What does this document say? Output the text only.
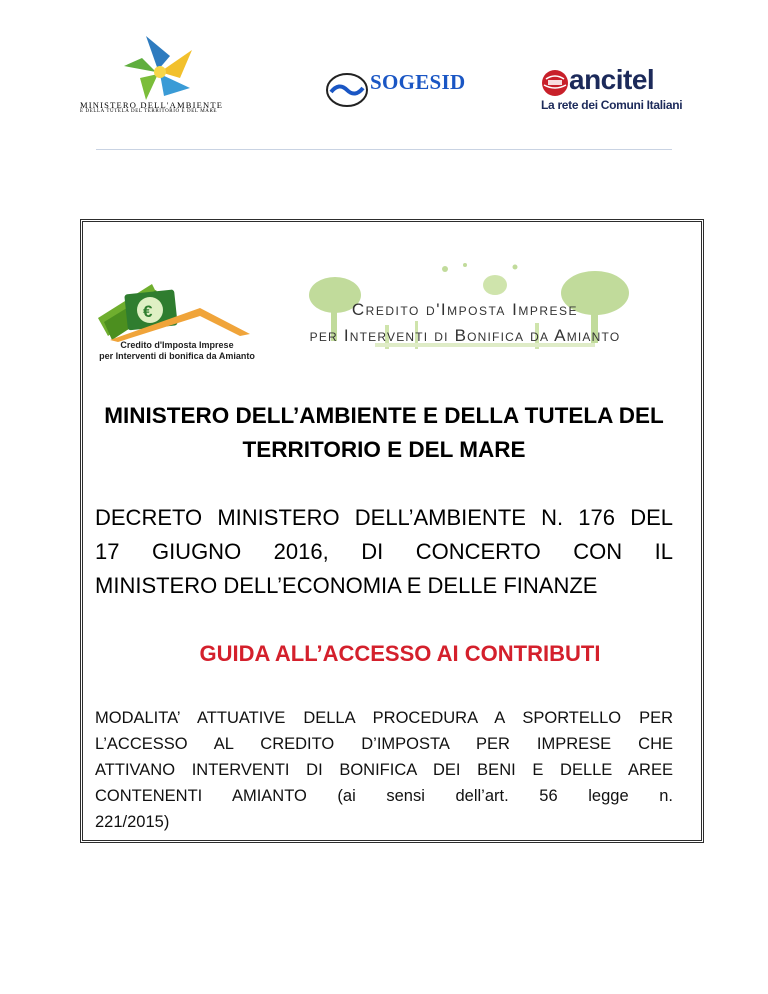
MINISTERO DELL'AMBIENTE
E DELLA TUTELA DEL TERRITORIO E DEL MARE
SOGESID	ancitel
La rete dei Comuni Italiani
€
Credito d'Imposta Imprese
per Interventi di bonifica da Amianto
Credito d'Imposta Imprese
per Interventi di Bonifica da Amianto
MINISTERO DELL’AMBIENTE E DELLA TUTELA DEL
TERRITORIO E DEL MARE
DECRETO MINISTERO DELL’AMBIENTE N. 176 DEL
17 GIUGNO 2016, DI CONCERTO CON IL
MINISTERO DELL’ECONOMIA E DELLE FINANZE
GUIDA ALL’ACCESSO AI CONTRIBUTI
MODALITA’ ATTUATIVE DELLA PROCEDURA A SPORTELLO PER
L’ACCESSO AL CREDITO D’IMPOSTA PER IMPRESE CHE
ATTIVANO INTERVENTI DI BONIFICA DEI BENI E DELLE AREE
CONTENENTI AMIANTO (ai sensi dell’art. 56 legge n.
221/2015)
